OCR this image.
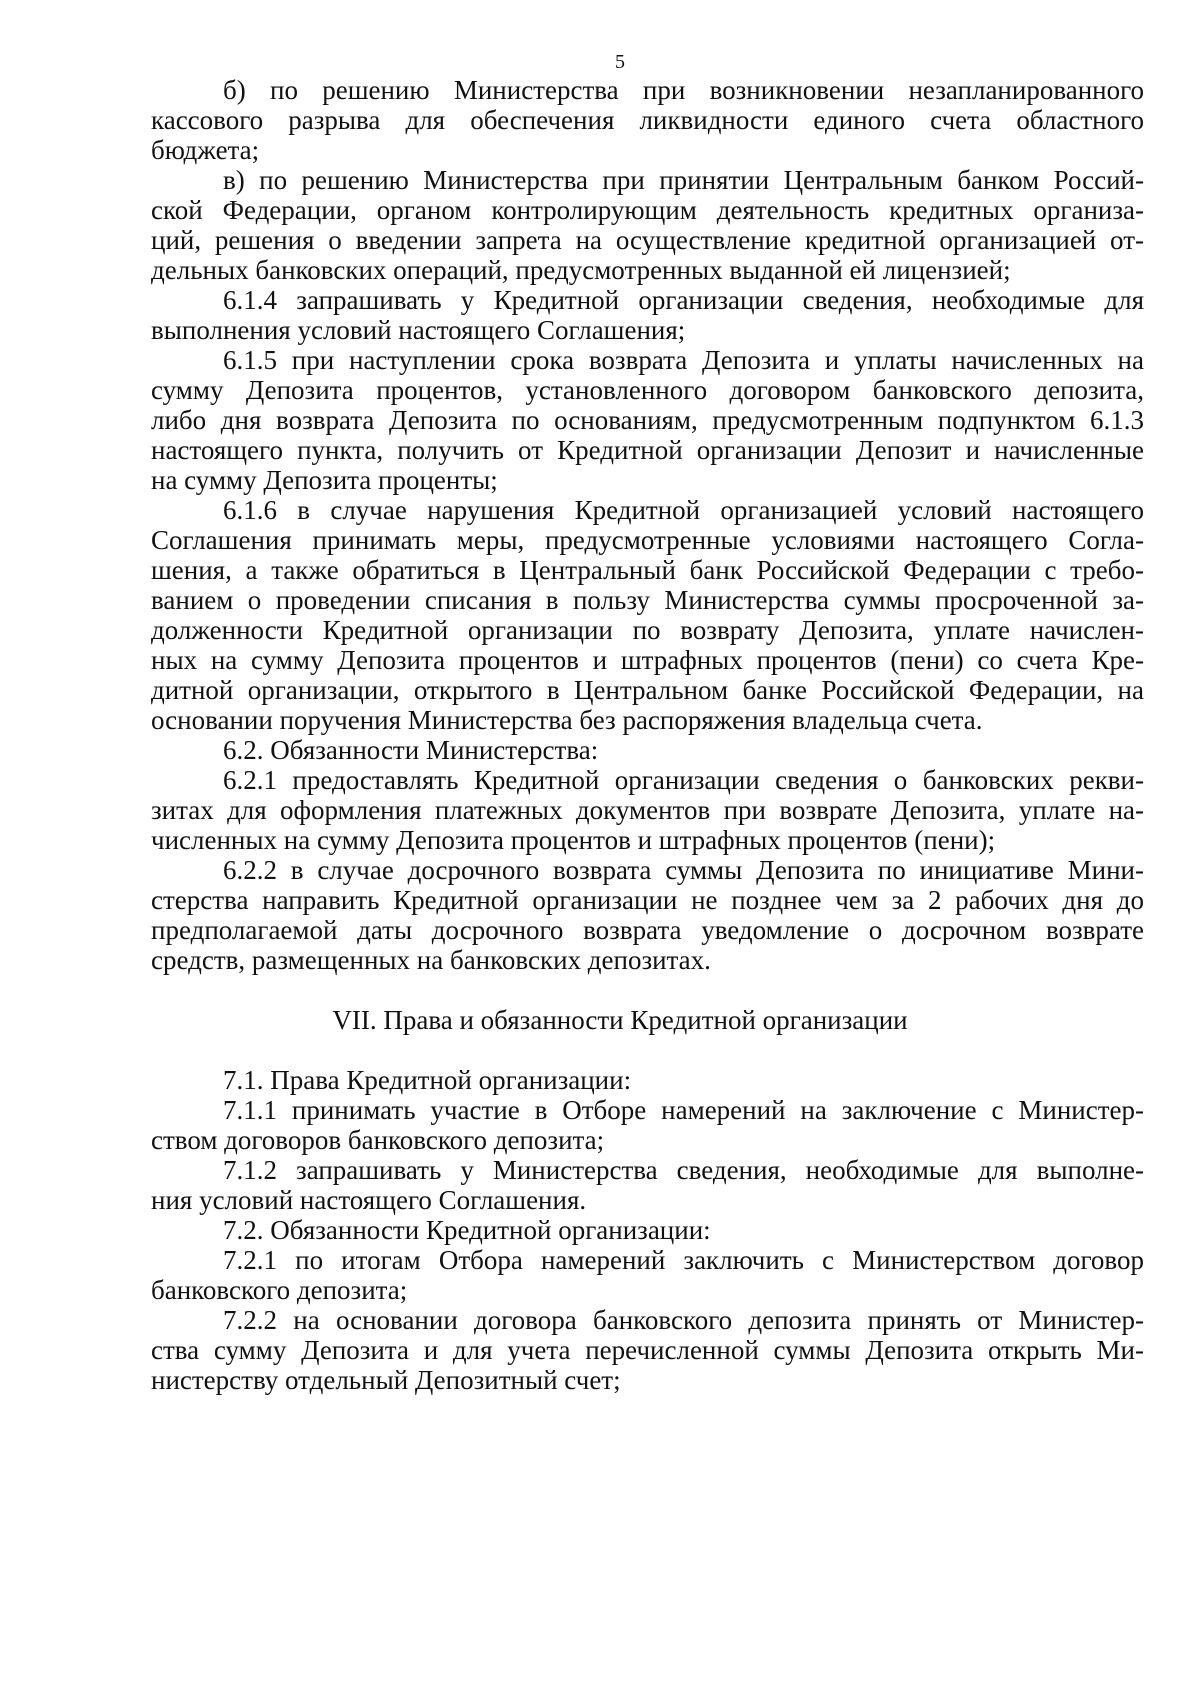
5

б) по решению Министерства при возникновении незапланированного

кассового разрыва для обеспечения ликвидности единого счета областного

бюджета;

в) по решению Министерства при принятии Центральным банком Россий-

ской Федерации, органом контролирующим деятельность кредитных организа-

ций, решения о введении запрета на осуществление кредитной организацией от-

дельных банковских операций, предусмотренных выданной ей лицензией;

6.1.4 запрашивать у Кредитной организации сведения, необходимые для

выполнения условий настоящего Соглашения;

6.1.5 при наступлении срока возврата Депозита и уплаты начисленных на

сумму Депозита процентов, установленного договором банковского депозита,

либо дня возврата Депозита по основаниям, предусмотренным подпунктом 6.1.3

настоящего пункта, получить от Кредитной организации Депозит и начисленные

на сумму Депозита проценты;

6.1.6 в случае нарушения Кредитной организацией условий настоящего

Соглашения принимать меры, предусмотренные условиями настоящего Согла-

шения, а также обратиться в Центральный банк Российской Федерации с требо-

ванием о проведении списания в пользу Министерства суммы просроченной за-

долженности Кредитной организации по возврату Депозита, уплате начислен-

ных на сумму Депозита процентов и штрафных процентов (пени) со счета Кре-

дитной организации, открытого в Центральном банке Российской Федерации, на

основании поручения Министерства без распоряжения владельца счета.

6.2. Обязанности Министерства:

6.2.1 предоставлять Кредитной организации сведения о банковских рекви-

зитах для оформления платежных документов при возврате Депозита, уплате на-

численных на сумму Депозита процентов и штрафных процентов (пени);

6.2.2 в случае досрочного возврата суммы Депозита по инициативе Мини-

стерства направить Кредитной организации не позднее чем за 2 рабочих дня до

предполагаемой даты досрочного возврата уведомление о досрочном возврате

средств, размещенных на банковских депозитах.

VII. Права и обязанности Кредитной организации

7.1. Права Кредитной организации:

7.1.1 принимать участие в Отборе намерений на заключение с Министер-

ством договоров банковского депозита;

7.1.2 запрашивать у Министерства сведения, необходимые для выполне-

ния условий настоящего Соглашения.

7.2. Обязанности Кредитной организации:

7.2.1 по итогам Отбора намерений заключить с Министерством договор

банковского депозита;

7.2.2 на основании договора банковского депозита принять от Министер-

ства сумму Депозита и для учета перечисленной суммы Депозита открыть Ми-

нистерству отдельный Депозитный счет;
